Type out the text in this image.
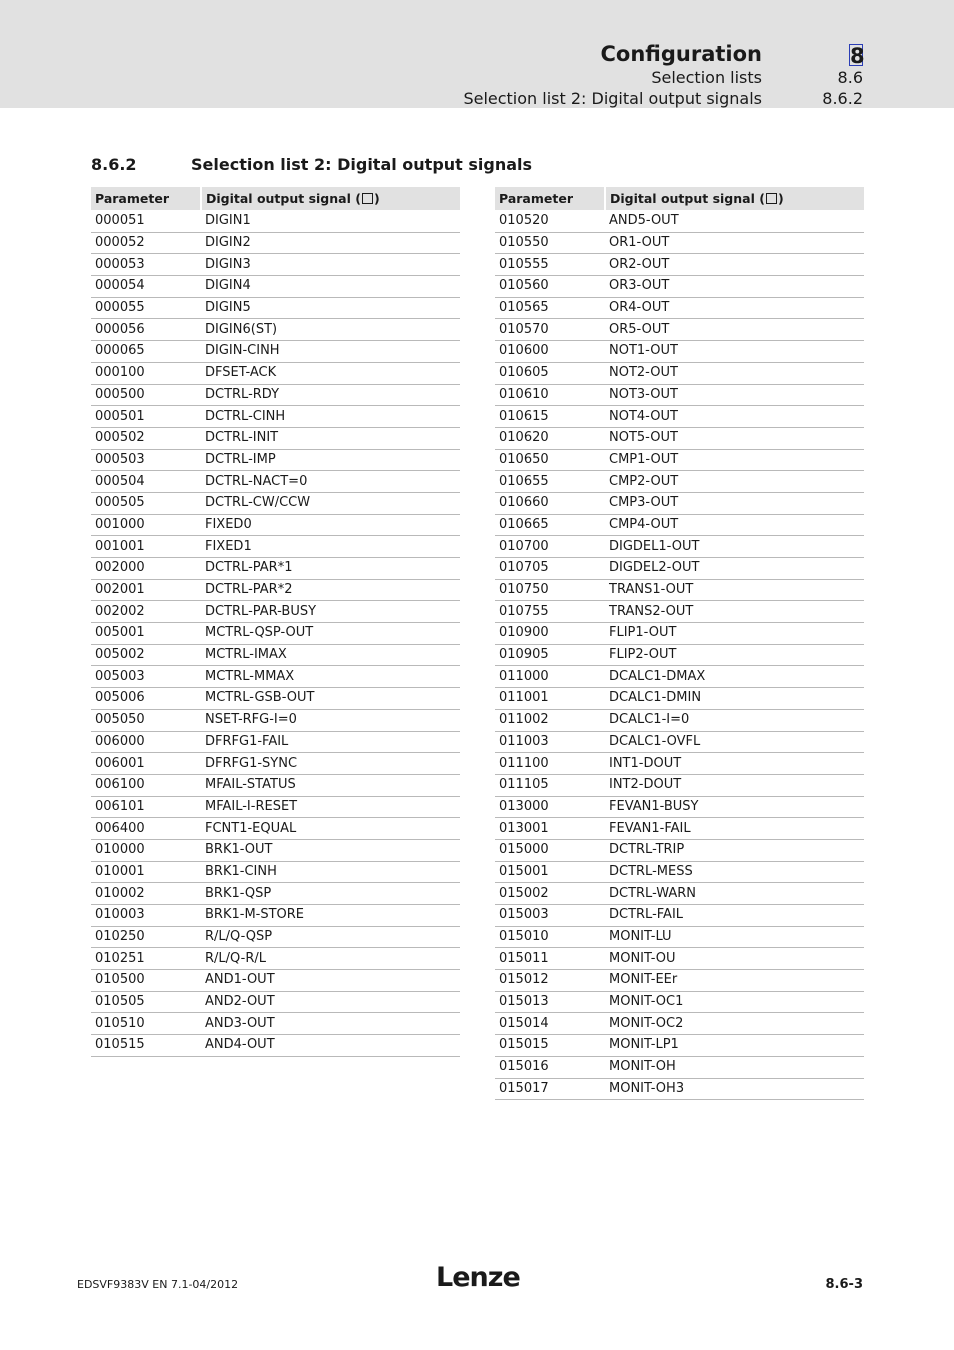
Configuration	8
Selection lists	8.6
Selection list 2: Digital output signals	8.6.2
8.6.2	Selection list 2: Digital output signals
Parameter	Digital output signal ( )
000051	DIGIN1
000052	DIGIN2
000053	DIGIN3
000054	DIGIN4
000055	DIGIN5
000056	DIGIN6(ST)
000065	DIGIN-CINH
000100	DFSET-ACK
000500	DCTRL-RDY
000501	DCTRL-CINH
000502	DCTRL-INIT
000503	DCTRL-IMP
000504	DCTRL-NACT=0
000505	DCTRL-CW/CCW
001000	FIXED0
001001	FIXED1
002000	DCTRL-PAR*1
002001	DCTRL-PAR*2
002002	DCTRL-PAR-BUSY
005001	MCTRL-QSP-OUT
005002	MCTRL-IMAX
005003	MCTRL-MMAX
005006	MCTRL-GSB-OUT
005050	NSET-RFG-I=0
006000	DFRFG1-FAIL
006001	DFRFG1-SYNC
006100	MFAIL-STATUS
006101	MFAIL-I-RESET
006400	FCNT1-EQUAL
010000	BRK1-OUT
010001	BRK1-CINH
010002	BRK1-QSP
010003	BRK1-M-STORE
010250	R/L/Q-QSP
010251	R/L/Q-R/L
010500	AND1-OUT
010505	AND2-OUT
010510	AND3-OUT
010515	AND4-OUT
Parameter	Digital output signal ( )
010520	AND5-OUT
010550	OR1-OUT
010555	OR2-OUT
010560	OR3-OUT
010565	OR4-OUT
010570	OR5-OUT
010600	NOT1-OUT
010605	NOT2-OUT
010610	NOT3-OUT
010615	NOT4-OUT
010620	NOT5-OUT
010650	CMP1-OUT
010655	CMP2-OUT
010660	CMP3-OUT
010665	CMP4-OUT
010700	DIGDEL1-OUT
010705	DIGDEL2-OUT
010750	TRANS1-OUT
010755	TRANS2-OUT
010900	FLIP1-OUT
010905	FLIP2-OUT
011000	DCALC1-DMAX
011001	DCALC1-DMIN
011002	DCALC1-I=0
011003	DCALC1-OVFL
011100	INT1-DOUT
011105	INT2-DOUT
013000	FEVAN1-BUSY
013001	FEVAN1-FAIL
015000	DCTRL-TRIP
015001	DCTRL-MESS
015002	DCTRL-WARN
015003	DCTRL-FAIL
015010	MONIT-LU
015011	MONIT-OU
015012	MONIT-EEr
015013	MONIT-OC1
015014	MONIT-OC2
015015	MONIT-LP1
015016	MONIT-OH
015017	MONIT-OH3
EDSVF9383V EN 7.1-04/2012	Lenze	8.6-3
